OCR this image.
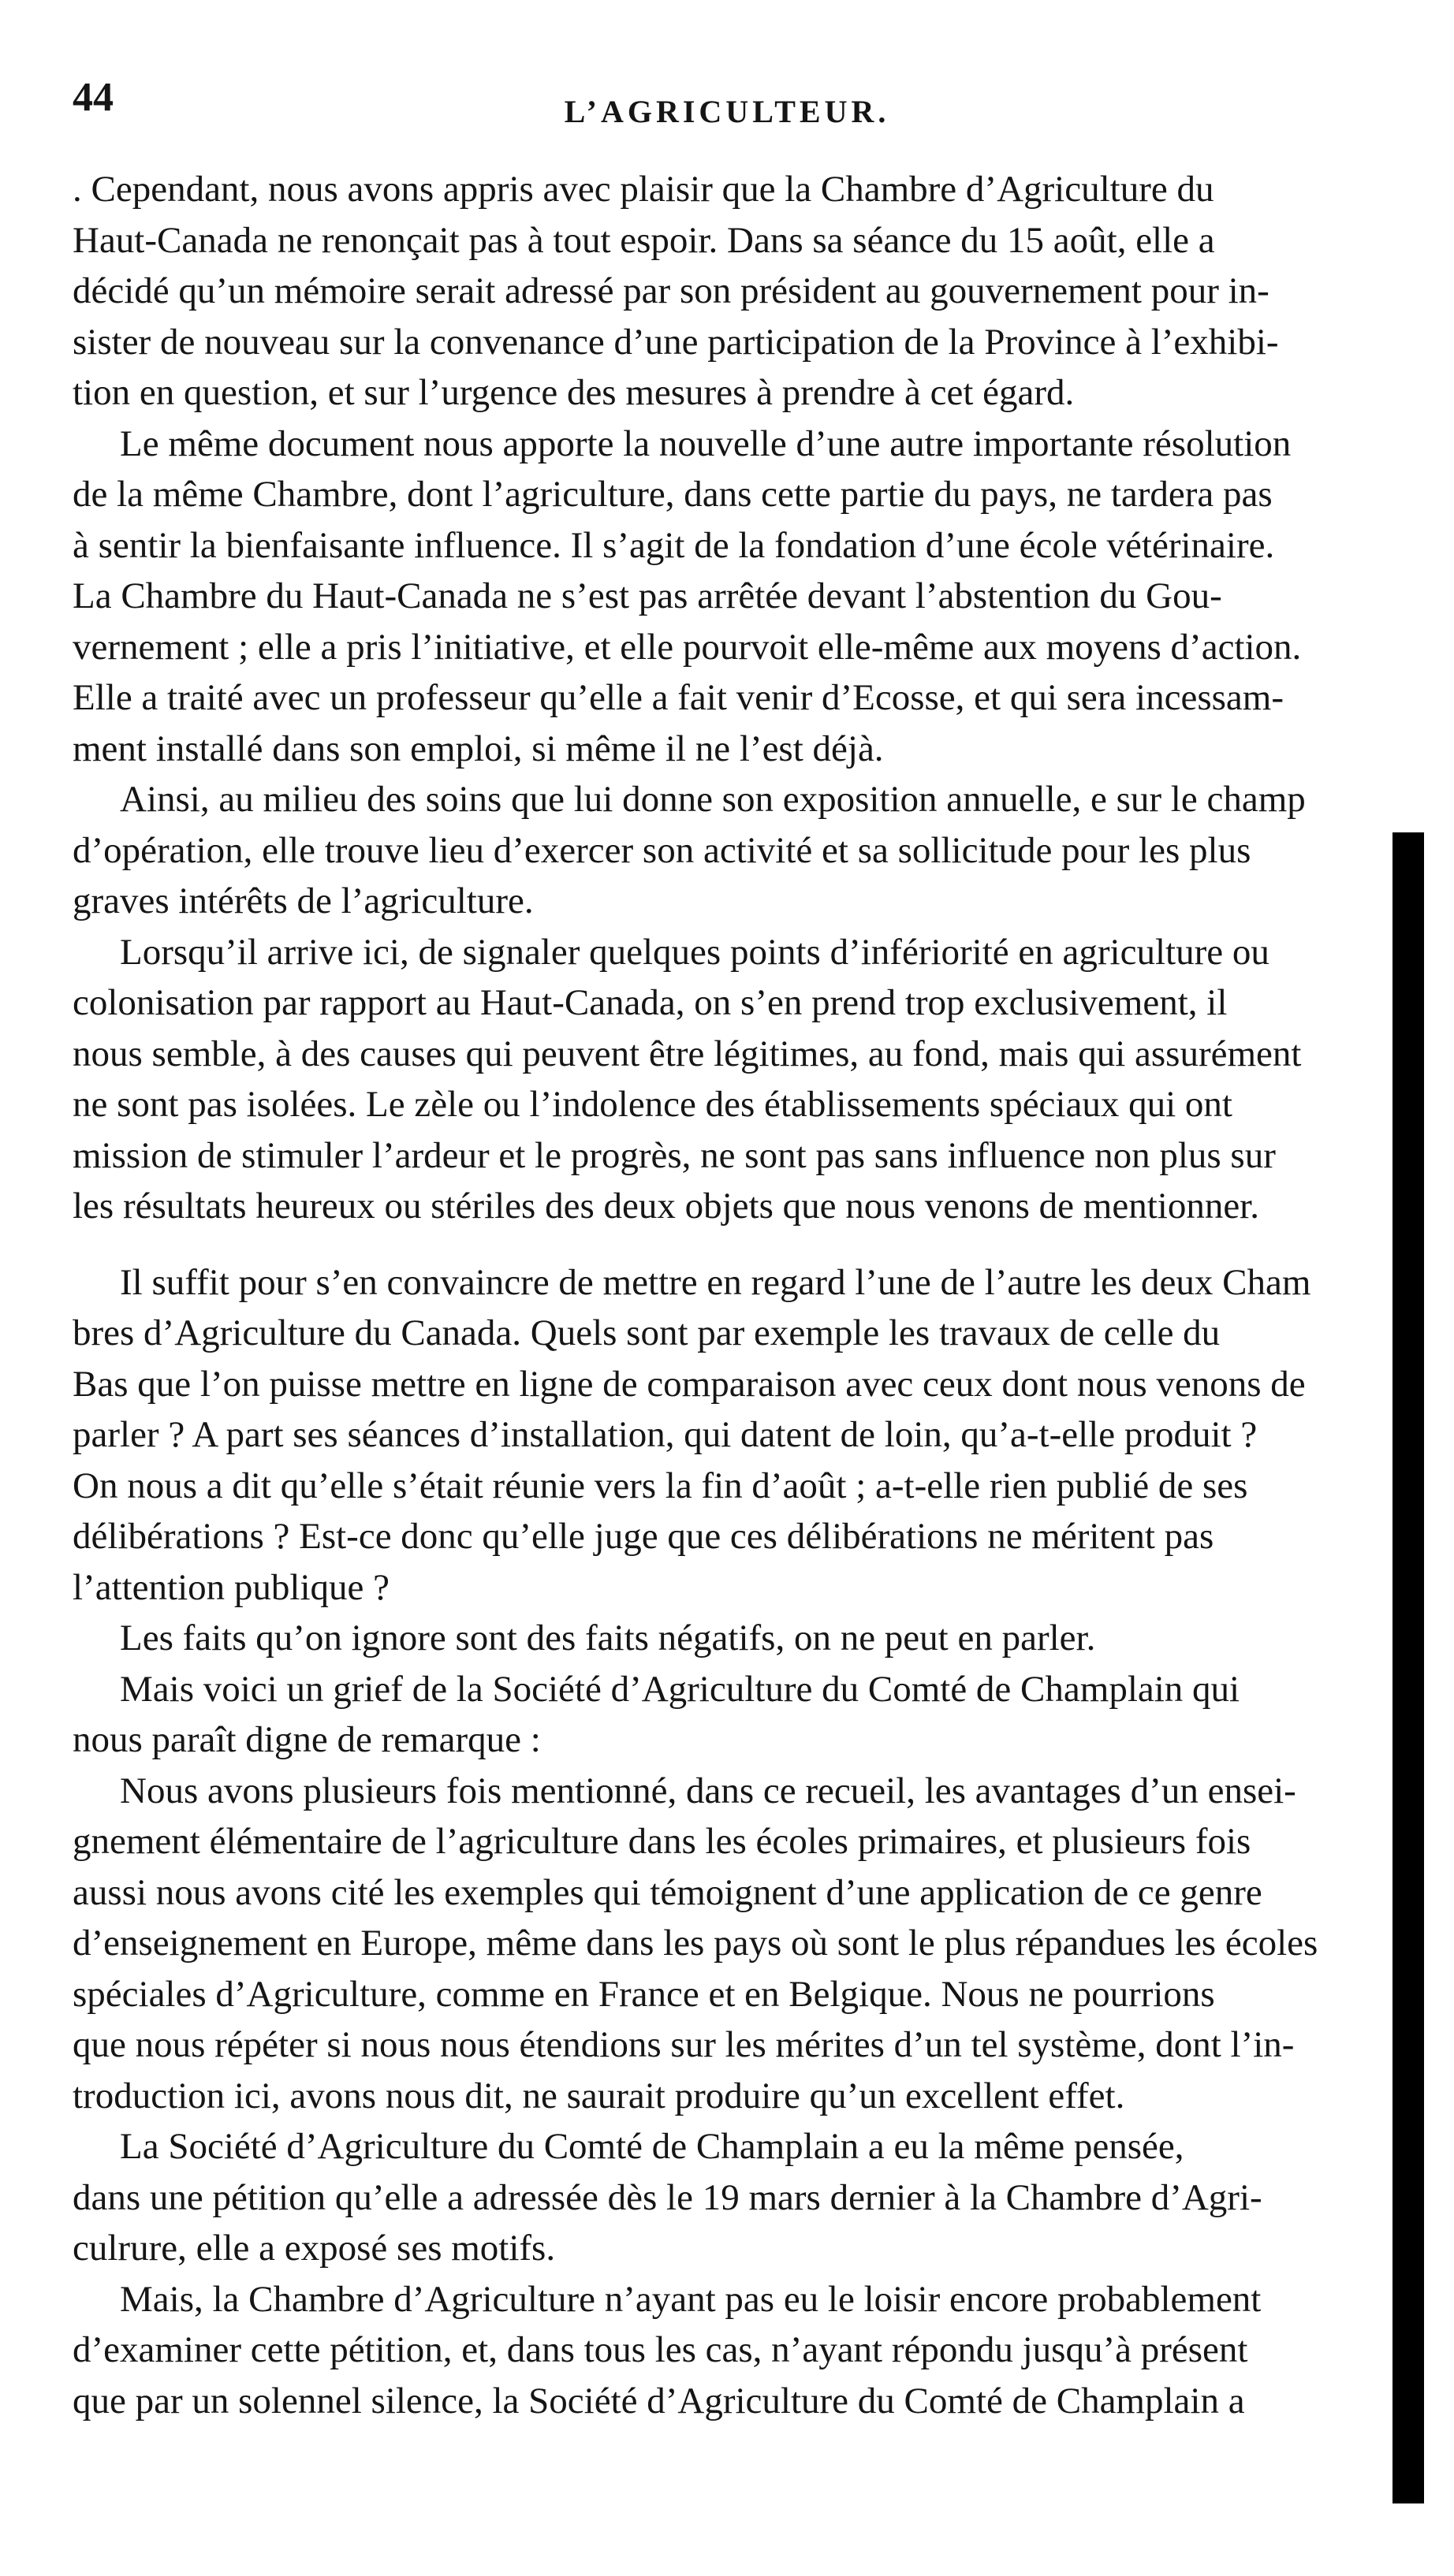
44	L’AGRICULTEUR.
. Cependant, nous avons appris avec plaisir que la Chambre d’Agriculture du
Haut-Canada ne renonçait pas à tout espoir. Dans sa séance du 15 août, elle a
décidé qu’un mémoire serait adressé par son président au gouvernement pour in-
sister de nouveau sur la convenance d’une participation de la Province à l’exhibi-
tion en question, et sur l’urgence des mesures à prendre à cet égard.
Le même document nous apporte la nouvelle d’une autre importante résolution
de la même Chambre, dont l’agriculture, dans cette partie du pays, ne tardera pas
à sentir la bienfaisante influence. Il s’agit de la fondation d’une école vétérinaire.
La Chambre du Haut-Canada ne s’est pas arrêtée devant l’abstention du Gou-
vernement ; elle a pris l’initiative, et elle pourvoit elle-même aux moyens d’action.
Elle a traité avec un professeur qu’elle a fait venir d’Ecosse, et qui sera incessam-
ment installé dans son emploi, si même il ne l’est déjà.
Ainsi, au milieu des soins que lui donne son exposition annuelle, e sur le champ
d’opération, elle trouve lieu d’exercer son activité et sa sollicitude pour les plus
graves intérêts de l’agriculture.
Lorsqu’il arrive ici, de signaler quelques points d’infériorité en agriculture ou
colonisation par rapport au Haut-Canada, on s’en prend trop exclusivement, il
nous semble, à des causes qui peuvent être légitimes, au fond, mais qui assurément
ne sont pas isolées. Le zèle ou l’indolence des établissements spéciaux qui ont
mission de stimuler l’ardeur et le progrès, ne sont pas sans influence non plus sur
les résultats heureux ou stériles des deux objets que nous venons de mentionner.
Il suffit pour s’en convaincre de mettre en regard l’une de l’autre les deux Cham
bres d’Agriculture du Canada. Quels sont par exemple les travaux de celle du
Bas que l’on puisse mettre en ligne de comparaison avec ceux dont nous venons de
parler ? A part ses séances d’installation, qui datent de loin, qu’a-t-elle produit ?
On nous a dit qu’elle s’était réunie vers la fin d’août ; a-t-elle rien publié de ses
délibérations ? Est-ce donc qu’elle juge que ces délibérations ne méritent pas
l’attention publique ?
Les faits qu’on ignore sont des faits négatifs, on ne peut en parler.
Mais voici un grief de la Société d’Agriculture du Comté de Champlain qui
nous paraît digne de remarque :
Nous avons plusieurs fois mentionné, dans ce recueil, les avantages d’un ensei-
gnement élémentaire de l’agriculture dans les écoles primaires, et plusieurs fois
aussi nous avons cité les exemples qui témoignent d’une application de ce genre
d’enseignement en Europe, même dans les pays où sont le plus répandues les écoles
spéciales d’Agriculture, comme en France et en Belgique. Nous ne pourrions
que nous répéter si nous nous étendions sur les mérites d’un tel système, dont l’in-
troduction ici, avons nous dit, ne saurait produire qu’un excellent effet.
La Société d’Agriculture du Comté de Champlain a eu la même pensée,
dans une pétition qu’elle a adressée dès le 19 mars dernier à la Chambre d’Agri-
culrure, elle a exposé ses motifs.
Mais, la Chambre d’Agriculture n’ayant pas eu le loisir encore probablement
d’examiner cette pétition, et, dans tous les cas, n’ayant répondu jusqu’à présent
que par un solennel silence, la Société d’Agriculture du Comté de Champlain a
